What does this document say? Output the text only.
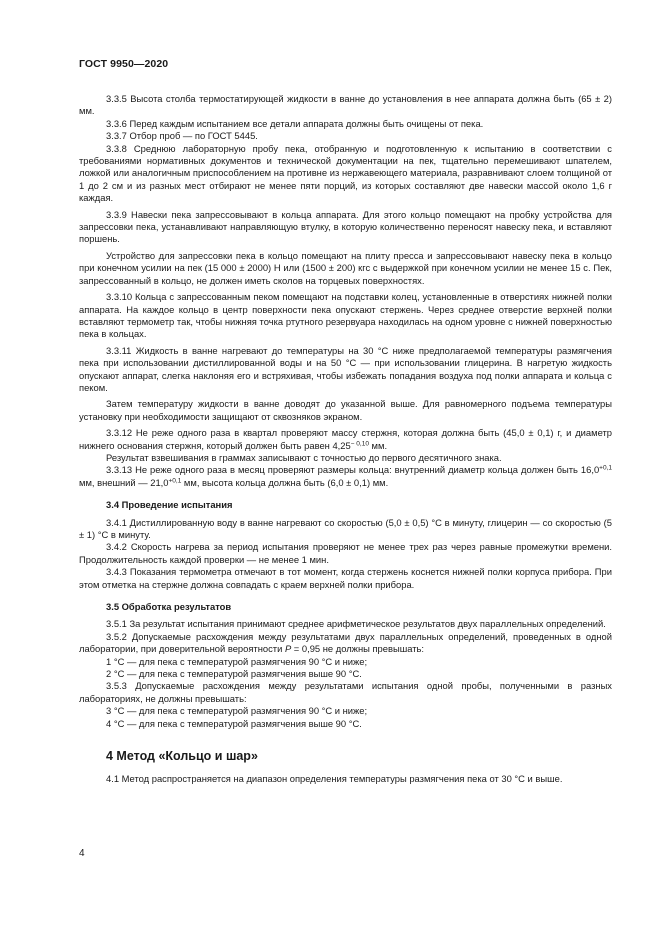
ГОСТ 9950—2020

3.3.5 Высота столба термостатирующей жидкости в ванне до установления в нее аппарата должна быть (65 ± 2) мм.

3.3.6 Перед каждым испытанием все детали аппарата должны быть очищены от пека.

3.3.7 Отбор проб — по ГОСТ 5445.

3.3.8 Среднюю лабораторную пробу пека, отобранную и подготовленную к испытанию в соответствии с требованиями нормативных документов и технической документации на пек, тщательно перемешивают шпателем, ложкой или аналогичным приспособлением на противне из нержавеющего материала, разравнивают слоем толщиной от 1 до 2 см и из разных мест отбирают не менее пяти порций, из которых составляют две навески массой около 1,6 г каждая.

3.3.9 Навески пека запрессовывают в кольца аппарата. Для этого кольцо помещают на пробку устройства для запрессовки пека, устанавливают направляющую втулку, в которую количественно переносят навеску пека, и вставляют поршень.

Устройство для запрессовки пека в кольцо помещают на плиту пресса и запрессовывают навеску пека в кольцо при конечном усилии на пек (15 000 ± 2000) Н или (1500 ± 200) кгс с выдержкой при конечном усилии не менее 15 с. Пек, запрессованный в кольцо, не должен иметь сколов на торцевых поверхностях.

3.3.10 Кольца с запрессованным пеком помещают на подставки колец, установленные в отверстиях нижней полки аппарата. На каждое кольцо в центр поверхности пека опускают стержень. Через среднее отверстие верхней полки вставляют термометр так, чтобы нижняя точка ртутного резервуара находилась на одном уровне с нижней поверхностью пека в кольцах.

3.3.11 Жидкость в ванне нагревают до температуры на 30 °С ниже предполагаемой температуры размягчения пека при использовании дистиллированной воды и на 50 °С — при использовании глицерина. В нагретую жидкость опускают аппарат, слегка наклоняя его и встряхивая, чтобы избежать попадания воздуха под полки аппарата и кольца с пеком.

Затем температуру жидкости в ванне доводят до указанной выше. Для равномерного подъема температуры установку при необходимости защищают от сквозняков экраном.

3.3.12 Не реже одного раза в квартал проверяют массу стержня, которая должна быть (45,0 ± 0,1) г, и диаметр нижнего основания стержня, который должен быть равен $4,25^{- 0,10}$ мм.

Результат взвешивания в граммах записывают с точностью до первого десятичного знака.

3.3.13 Не реже одного раза в месяц проверяют размеры кольца: внутренний диаметр кольца должен быть $16,0^{+0,1}$ мм, внешний — $21,0^{+0,1}$ мм, высота кольца должна быть (6,0 ± 0,1) мм.

3.4 Проведение испытания

3.4.1 Дистиллированную воду в ванне нагревают со скоростью (5,0 ± 0,5) °С в минуту, глицерин — со скоростью (5 ± 1) °С в минуту.

3.4.2 Скорость нагрева за период испытания проверяют не менее трех раз через равные промежутки времени. Продолжительность каждой проверки — не менее 1 мин.

3.4.3 Показания термометра отмечают в тот момент, когда стержень коснется нижней полки корпуса прибора. При этом отметка на стержне должна совпадать с краем верхней полки прибора.

3.5 Обработка результатов

3.5.1 За результат испытания принимают среднее арифметическое результатов двух параллельных определений.

3.5.2 Допускаемые расхождения между результатами двух параллельных определений, проведенных в одной лаборатории, при доверительной вероятности Р = 0,95 не должны превышать:

1 °С — для пека с температурой размягчения 90 °С и ниже;

2 °С — для пека с температурой размягчения выше 90 °С.

3.5.3 Допускаемые расхождения между результатами испытания одной пробы, полученными в разных лабораториях, не должны превышать:

3 °С — для пека с температурой размягчения 90 °С и ниже;

4 °С — для пека с температурой размягчения выше 90 °С.

4 Метод «Кольцо и шар»

4.1 Метод распространяется на диапазон определения температуры размягчения пека от 30 °С и выше.

4
